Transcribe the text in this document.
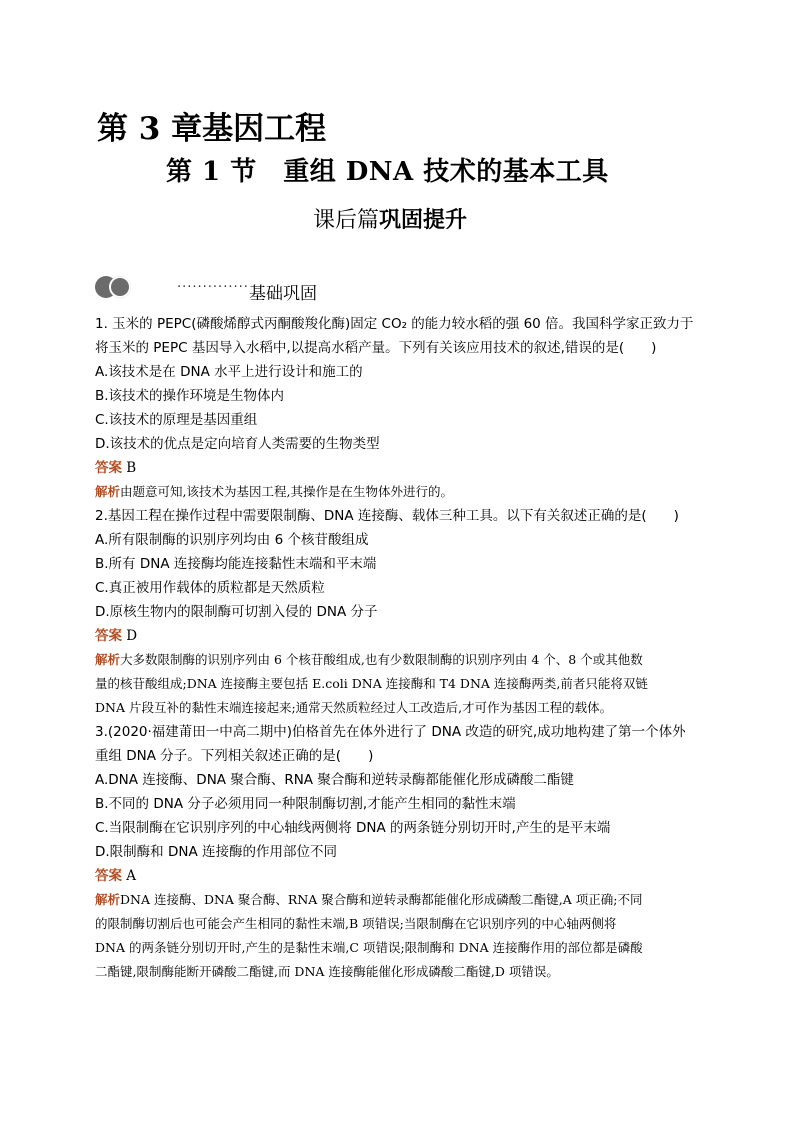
第 3 章基因工程
第 1 节　重组 DNA 技术的基本工具
课后篇巩固提升
·············· 基础巩固
1. 玉米的 PEPC(磷酸烯醇式丙酮酸羧化酶)固定 CO₂ 的能力较水稻的强 60 倍。我国科学家正致力于
将玉米的 PEPC 基因导入水稻中,以提高水稻产量。下列有关该应用技术的叙述,错误的是(　　)
A.该技术是在 DNA 水平上进行设计和施工的
B.该技术的操作环境是生物体内
C.该技术的原理是基因重组
D.该技术的优点是定向培育人类需要的生物类型
答案 B
解析由题意可知,该技术为基因工程,其操作是在生物体外进行的。
2.基因工程在操作过程中需要限制酶、DNA 连接酶、载体三种工具。以下有关叙述正确的是(　　)
A.所有限制酶的识别序列均由 6 个核苷酸组成
B.所有 DNA 连接酶均能连接黏性末端和平末端
C.真正被用作载体的质粒都是天然质粒
D.原核生物内的限制酶可切割入侵的 DNA 分子
答案 D
解析大多数限制酶的识别序列由 6 个核苷酸组成,也有少数限制酶的识别序列由 4 个、8 个或其他数
量的核苷酸组成;DNA 连接酶主要包括 E.coli DNA 连接酶和 T4 DNA 连接酶两类,前者只能将双链
DNA 片段互补的黏性末端连接起来;通常天然质粒经过人工改造后,才可作为基因工程的载体。
3.(2020·福建莆田一中高二期中)伯格首先在体外进行了 DNA 改造的研究,成功地构建了第一个体外
重组 DNA 分子。下列相关叙述正确的是(　　)
A.DNA 连接酶、DNA 聚合酶、RNA 聚合酶和逆转录酶都能催化形成磷酸二酯键
B.不同的 DNA 分子必须用同一种限制酶切割,才能产生相同的黏性末端
C.当限制酶在它识别序列的中心轴线两侧将 DNA 的两条链分别切开时,产生的是平末端
D.限制酶和 DNA 连接酶的作用部位不同
答案 A
解析DNA 连接酶、DNA 聚合酶、RNA 聚合酶和逆转录酶都能催化形成磷酸二酯键,A 项正确;不同
的限制酶切割后也可能会产生相同的黏性末端,B 项错误;当限制酶在它识别序列的中心轴两侧将
DNA 的两条链分别切开时,产生的是黏性末端,C 项错误;限制酶和 DNA 连接酶作用的部位都是磷酸
二酯键,限制酶能断开磷酸二酯键,而 DNA 连接酶能催化形成磷酸二酯键,D 项错误。
